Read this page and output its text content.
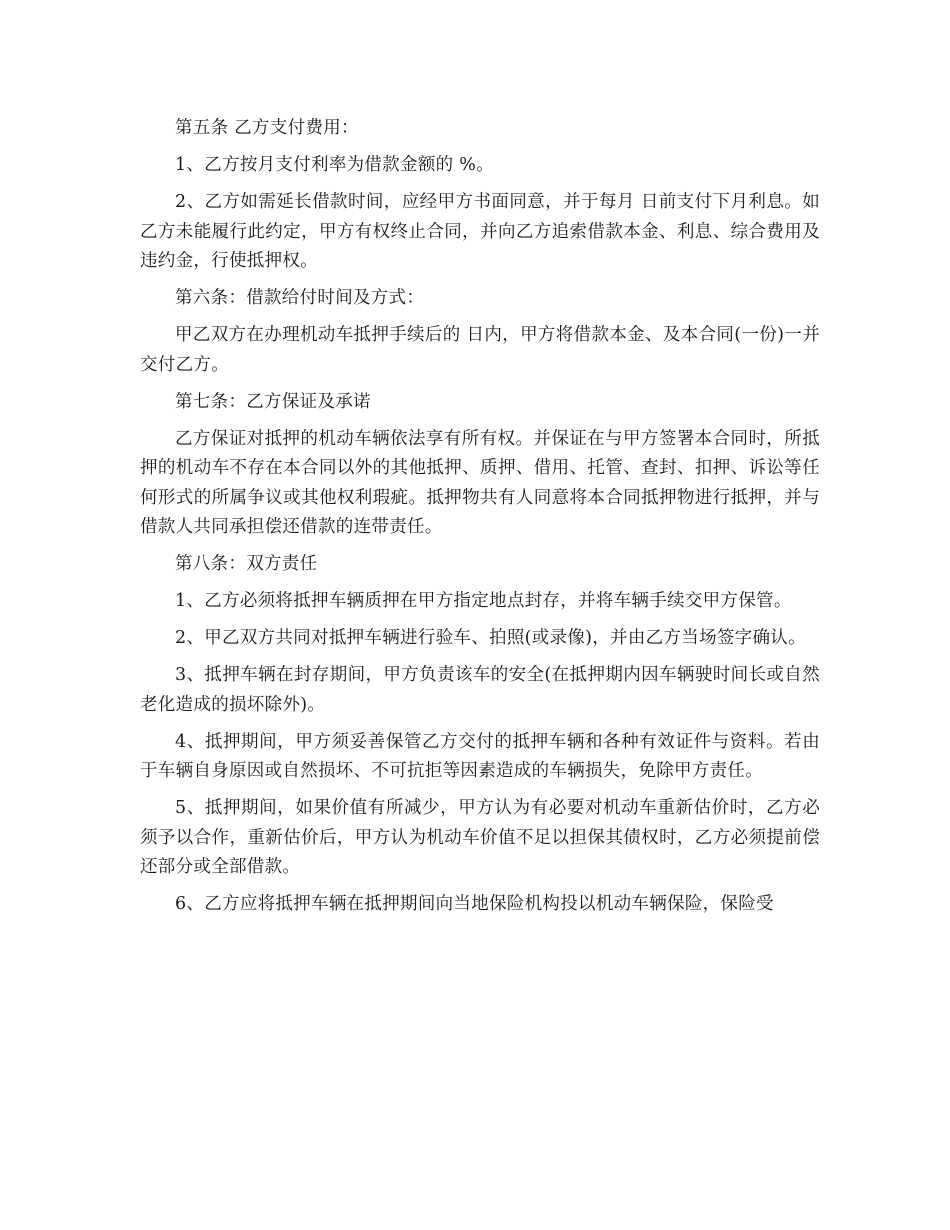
第五条 乙方支付费用：

1、乙方按月支付利率为借款金额的 %。

2、乙方如需延长借款时间，应经甲方书面同意，并于每月 日前支付下月利息。如乙方未能履行此约定，甲方有权终止合同，并向乙方追索借款本金、利息、综合费用及违约金，行使抵押权。

第六条：借款给付时间及方式：

甲乙双方在办理机动车抵押手续后的 日内，甲方将借款本金、及本合同(一份)一并交付乙方。

第七条：乙方保证及承诺

乙方保证对抵押的机动车辆依法享有所有权。并保证在与甲方签署本合同时，所抵押的机动车不存在本合同以外的其他抵押、质押、借用、托管、查封、扣押、诉讼等任何形式的所属争议或其他权利瑕疵。抵押物共有人同意将本合同抵押物进行抵押，并与借款人共同承担偿还借款的连带责任。

第八条：双方责任

1、乙方必须将抵押车辆质押在甲方指定地点封存，并将车辆手续交甲方保管。

2、甲乙双方共同对抵押车辆进行验车、拍照(或录像)，并由乙方当场签字确认。

3、抵押车辆在封存期间，甲方负责该车的安全(在抵押期内因车辆驶时间长或自然老化造成的损坏除外)。

4、抵押期间，甲方须妥善保管乙方交付的抵押车辆和各种有效证件与资料。若由于车辆自身原因或自然损坏、不可抗拒等因素造成的车辆损失，免除甲方责任。

5、抵押期间，如果价值有所减少，甲方认为有必要对机动车重新估价时，乙方必须予以合作，重新估价后，甲方认为机动车价值不足以担保其债权时，乙方必须提前偿还部分或全部借款。

6、乙方应将抵押车辆在抵押期间向当地保险机构投以机动车辆保险，保险受
